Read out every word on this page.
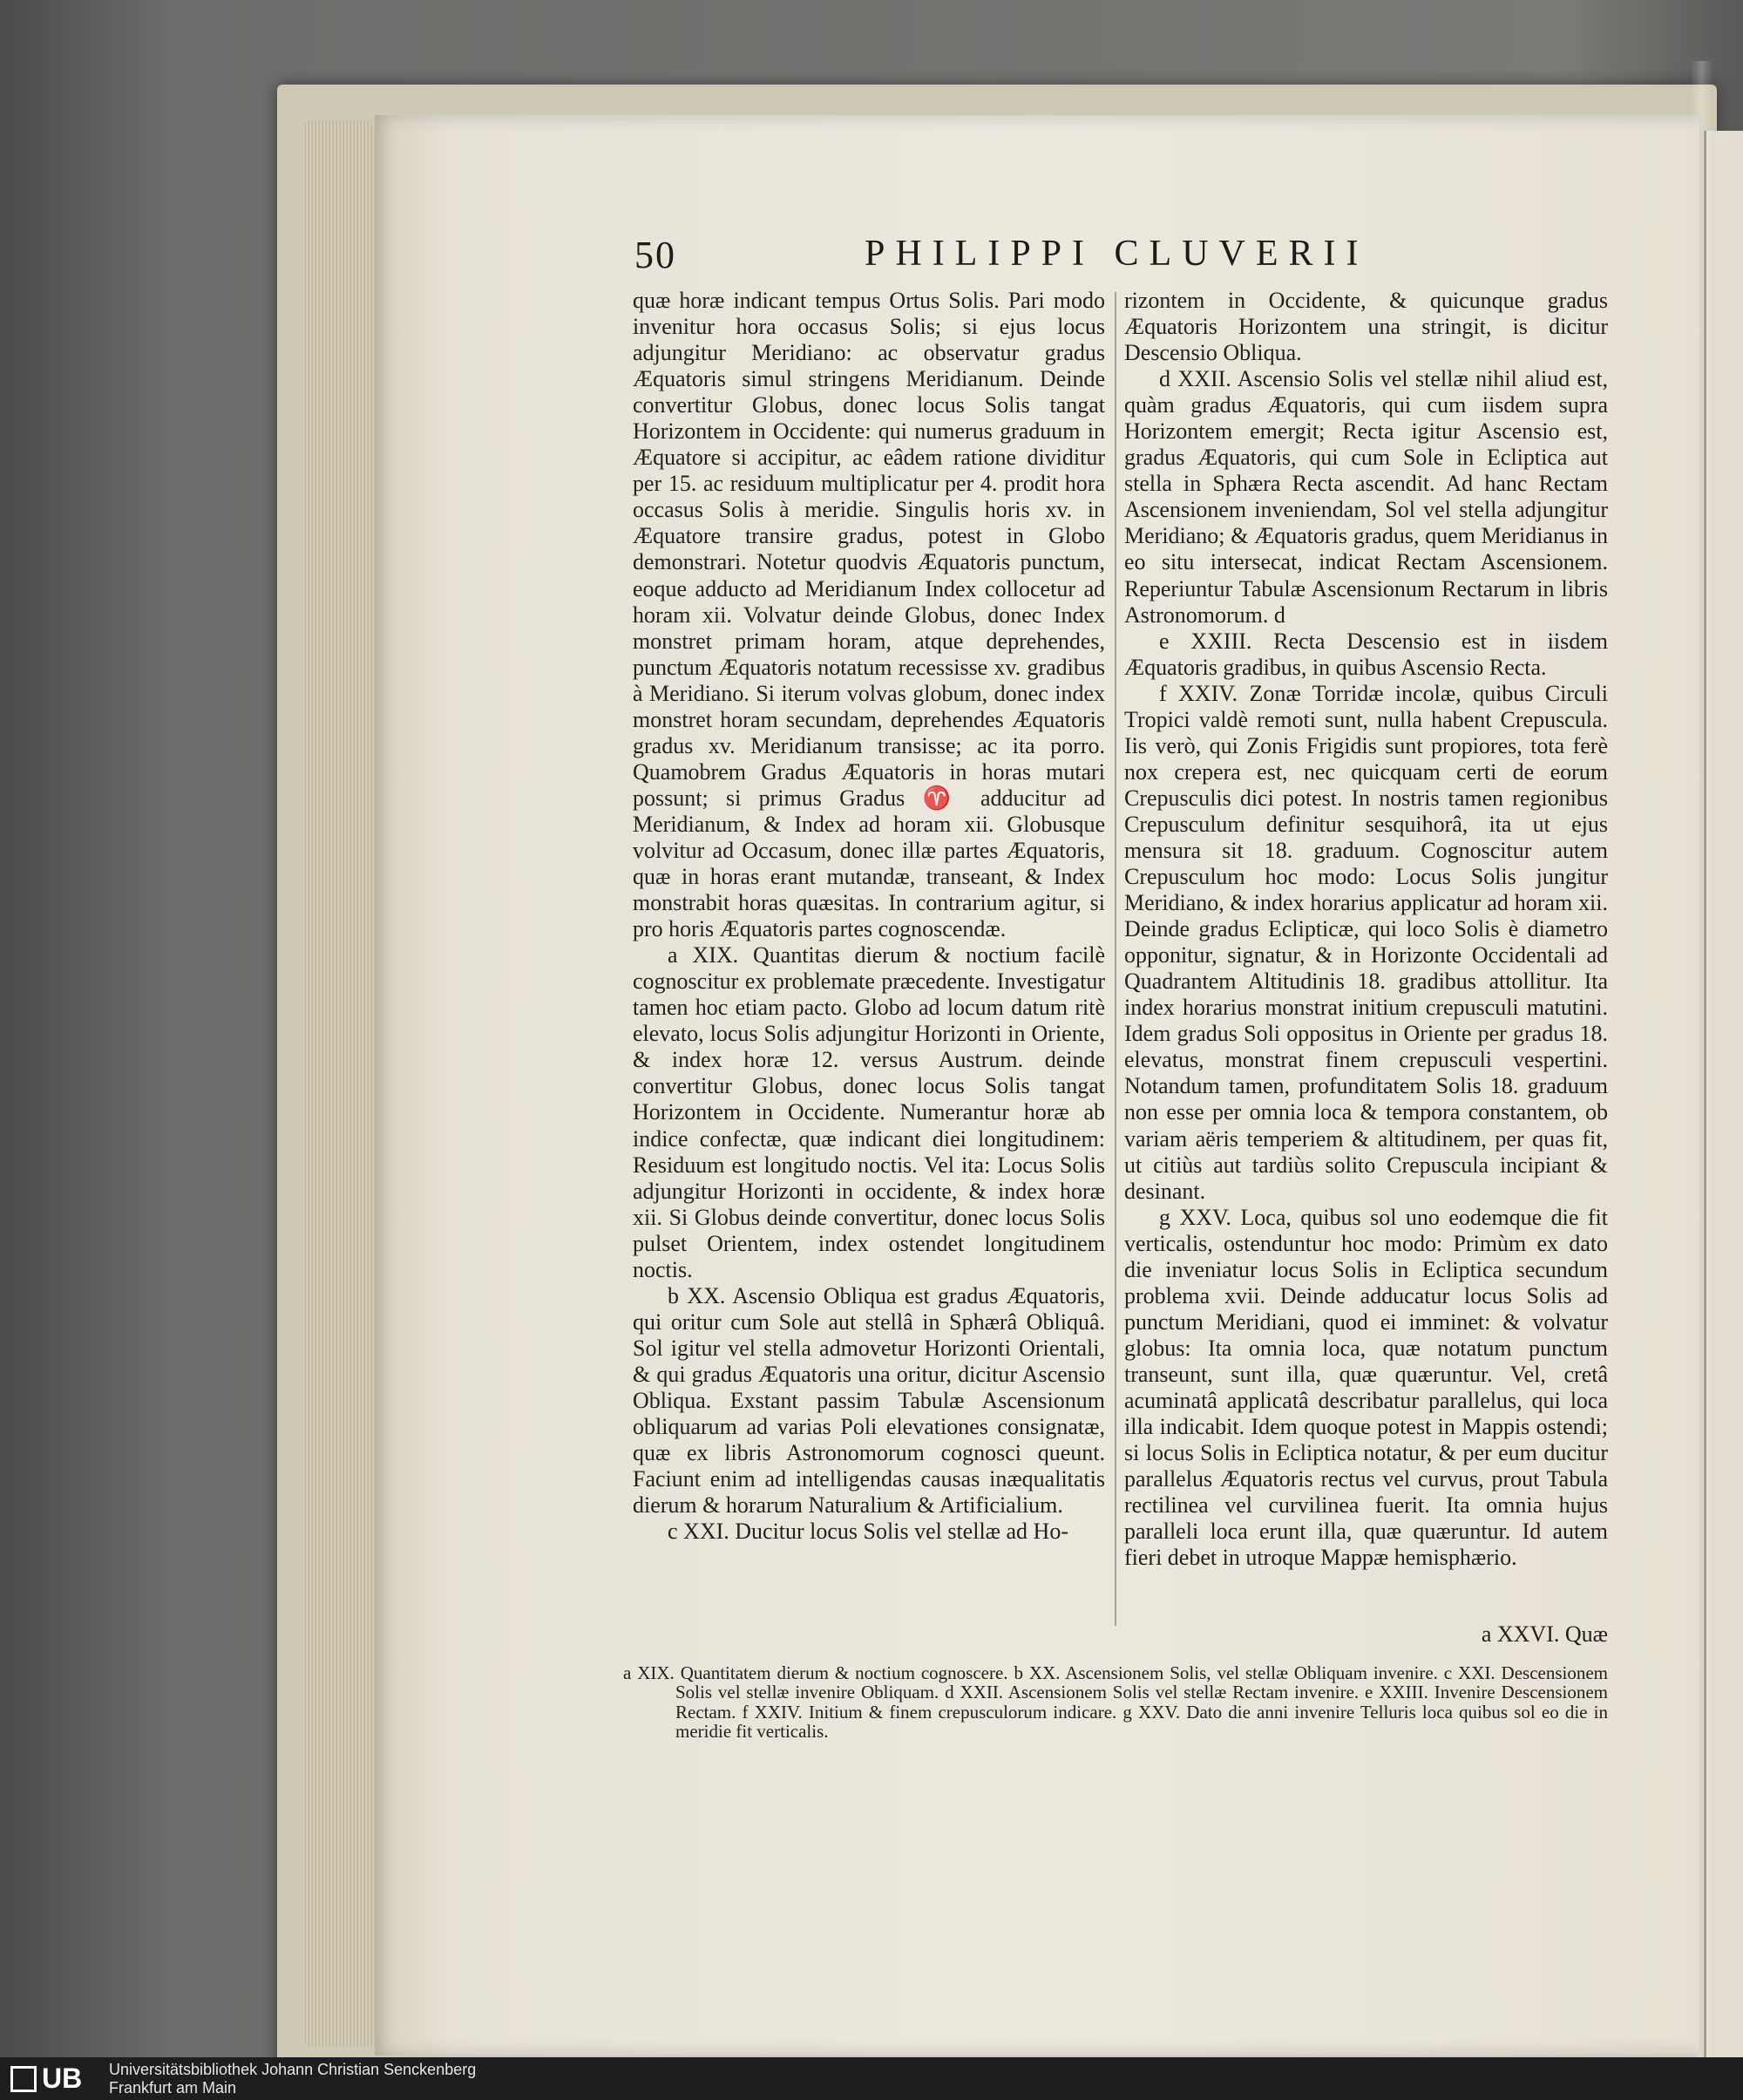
50	PHILIPPI CLUVERII

quæ horæ indicant tempus Ortus Solis. Pari modo invenitur hora occasus Solis; si ejus locus adjungitur Meridiano: ac observatur gradus Æquatoris simul stringens Meridianum. Deinde convertitur Globus, donec locus Solis tangat Horizontem in Occidente: qui numerus graduum in Æquatore si accipitur, ac eâdem ratione dividitur per 15. ac residuum multiplicatur per 4. prodit hora occasus Solis à meridie. Singulis horis xv. in Æquatore transire gradus, potest in Globo demonstrari. Notetur quodvis Æquatoris punctum, eoque adducto ad Meridianum Index collocetur ad horam xii. Volvatur deinde Globus, donec Index monstret primam horam, atque deprehendes, punctum Æquatoris notatum recessisse xv. gradibus à Meridiano. Si iterum volvas globum, donec index monstret horam secundam, deprehendes Æquatoris gradus xv. Meridianum transisse; ac ita porro. Quamobrem Gradus Æquatoris in horas mutari possunt; si primus Gradus ♈ adducitur ad Meridianum, & Index ad horam xii. Globusque volvitur ad Occasum, donec illæ partes Æquatoris, quæ in horas erant mutandæ, transeant, & Index monstrabit horas quæsitas. In contrarium agitur, si pro horis Æquatoris partes cognoscendæ.

a XIX. Quantitas dierum & noctium facilè cognoscitur ex problemate præcedente. Investigatur tamen hoc etiam pacto. Globo ad locum datum ritè elevato, locus Solis adjungitur Horizonti in Oriente, & index horæ 12. versus Austrum. deinde convertitur Globus, donec locus Solis tangat Horizontem in Occidente. Numerantur horæ ab indice confectæ, quæ indicant diei longitudinem: Residuum est longitudo noctis. Vel ita: Locus Solis adjungitur Horizonti in occidente, & index horæ xii. Si Globus deinde convertitur, donec locus Solis pulset Orientem, index ostendet longitudinem noctis.

b XX. Ascensio Obliqua est gradus Æquatoris, qui oritur cum Sole aut stellâ in Sphærâ Obliquâ. Sol igitur vel stella admovetur Horizonti Orientali, & qui gradus Æquatoris una oritur, dicitur Ascensio Obliqua. Exstant passim Tabulæ Ascensionum obliquarum ad varias Poli elevationes consignatæ, quæ ex libris Astronomorum cognosci queunt. Faciunt enim ad intelligendas causas inæqualitatis dierum & horarum Naturalium & Artificialium.

c XXI. Ducitur locus Solis vel stellæ ad Ho-

rizontem in Occidente, & quicunque gradus Æquatoris Horizontem una stringit, is dicitur Descensio Obliqua.

d XXII. Ascensio Solis vel stellæ nihil aliud est, quàm gradus Æquatoris, qui cum iisdem supra Horizontem emergit; Recta igitur Ascensio est, gradus Æquatoris, qui cum Sole in Ecliptica aut stella in Sphæra Recta ascendit. Ad hanc Rectam Ascensionem inveniendam, Sol vel stella adjungitur Meridiano; & Æquatoris gradus, quem Meridianus in eo situ intersecat, indicat Rectam Ascensionem. Reperiuntur Tabulæ Ascensionum Rectarum in libris Astronomorum. d

e XXIII. Recta Descensio est in iisdem Æquatoris gradibus, in quibus Ascensio Recta.

f XXIV. Zonæ Torridæ incolæ, quibus Circuli Tropici valdè remoti sunt, nulla habent Crepuscula. Iis verò, qui Zonis Frigidis sunt propiores, tota ferè nox crepera est, nec quicquam certi de eorum Crepusculis dici potest. In nostris tamen regionibus Crepusculum definitur sesquihorâ, ita ut ejus mensura sit 18. graduum. Cognoscitur autem Crepusculum hoc modo: Locus Solis jungitur Meridiano, & index horarius applicatur ad horam xii. Deinde gradus Eclipticæ, qui loco Solis è diametro opponitur, signatur, & in Horizonte Occidentali ad Quadrantem Altitudinis 18. gradibus attollitur. Ita index horarius monstrat initium crepusculi matutini. Idem gradus Soli oppositus in Oriente per gradus 18. elevatus, monstrat finem crepusculi vespertini. Notandum tamen, profunditatem Solis 18. graduum non esse per omnia loca & tempora constantem, ob variam aëris temperiem & altitudinem, per quas fit, ut citiùs aut tardiùs solito Crepuscula incipiant & desinant.

g XXV. Loca, quibus sol uno eodemque die fit verticalis, ostenduntur hoc modo: Primùm ex dato die inveniatur locus Solis in Ecliptica secundum problema xvii. Deinde adducatur locus Solis ad punctum Meridiani, quod ei imminet: & volvatur globus: Ita omnia loca, quæ notatum punctum transeunt, sunt illa, quæ quæruntur. Vel, cretâ acuminatâ applicatâ describatur parallelus, qui loca illa indicabit. Idem quoque potest in Mappis ostendi; si locus Solis in Ecliptica notatur, & per eum ducitur parallelus Æquatoris rectus vel curvus, prout Tabula rectilinea vel curvilinea fuerit. Ita omnia hujus paralleli loca erunt illa, quæ quæruntur. Id autem fieri debet in utroque Mappæ hemisphærio.

a XXVI. Quæ

a XIX. Quantitatem dierum & noctium cognoscere. b XX. Ascensionem Solis, vel stellæ Obliquam invenire. c XXI. Descensionem Solis vel stellæ invenire Obliquam. d XXII. Ascensionem Solis vel stellæ Rectam invenire. e XXIII. Invenire Descensionem Rectam. f XXIV. Initium & finem crepusculorum indicare. g XXV. Dato die anni invenire Telluris loca quibus sol eo die in meridie fit verticalis.

UB Universitätsbibliothek Johann Christian Senckenberg
Frankfurt am Main
